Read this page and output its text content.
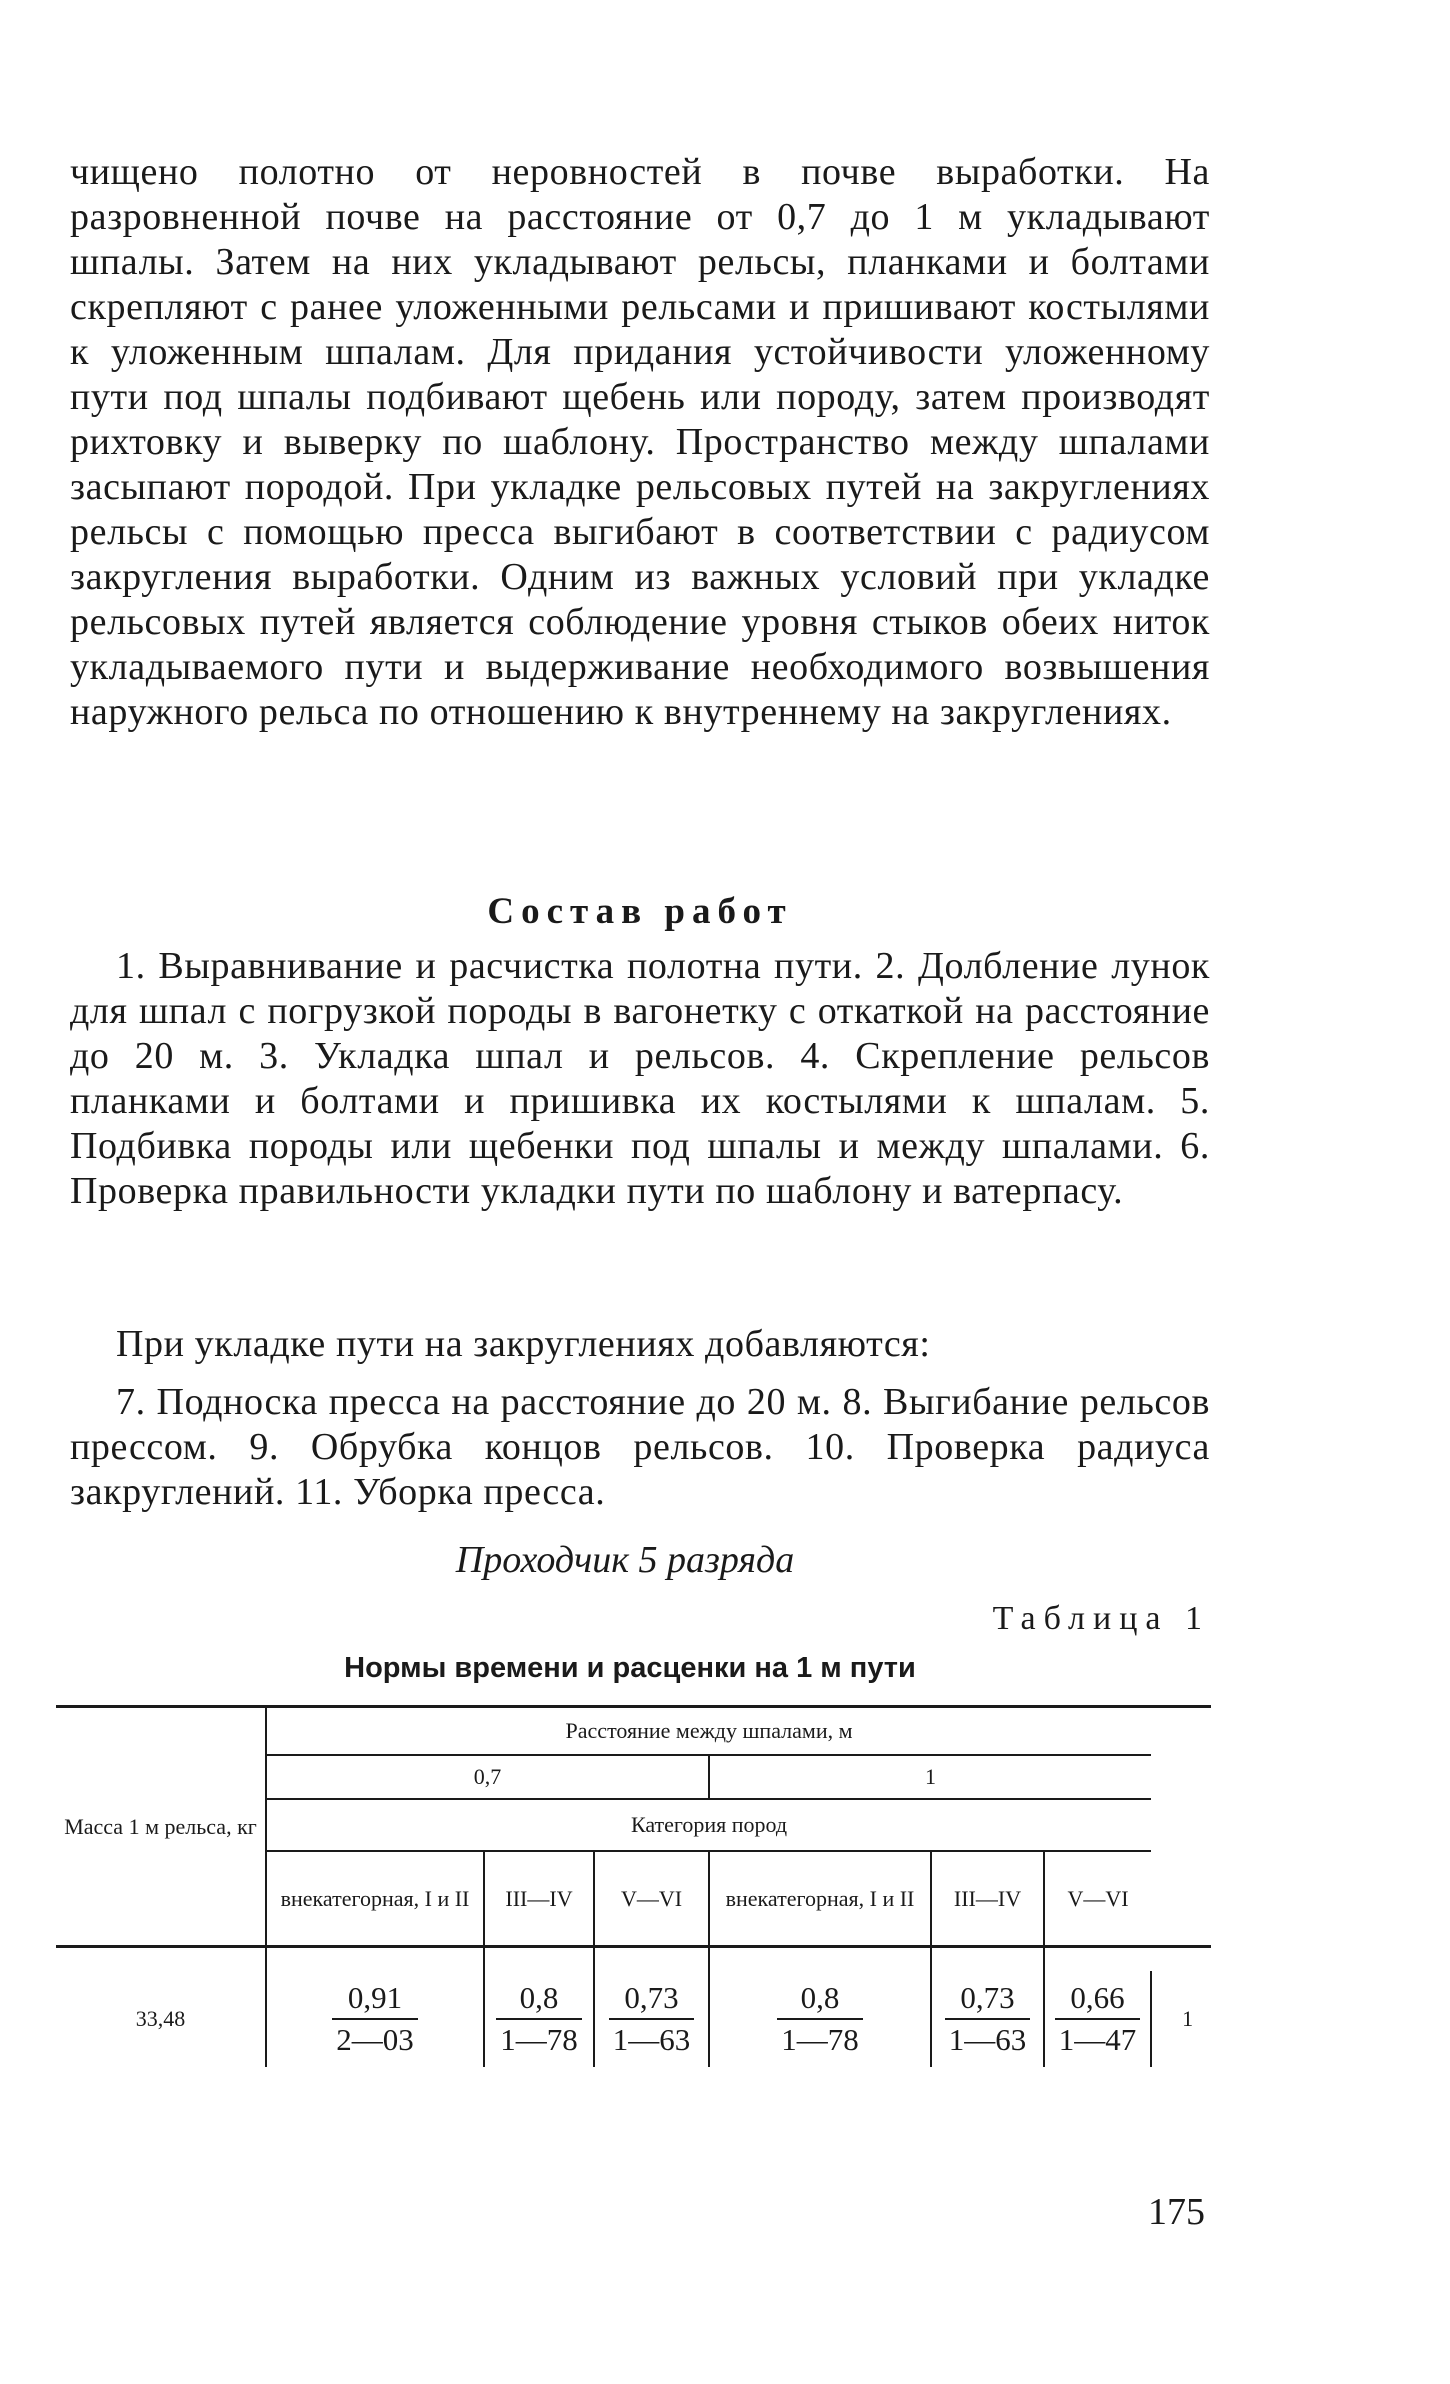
чищено полотно от неровностей в почве выработки. На разровненной почве на расстояние от 0,7 до 1 м укладывают шпалы. Затем на них укладывают рельсы, планками и болтами скрепляют с ранее уложенными рельсами и пришивают костылями к уложенным шпалам. Для придания устойчивости уложенному пути под шпалы подбивают щебень или породу, затем производят рихтовку и выверку по шаблону. Пространство между шпалами засыпают породой. При укладке рельсовых путей на закруглениях рельсы с помощью пресса выгибают в соответствии с радиусом закругления выработки. Одним из важных условий при укладке рельсовых путей является соблюдение уровня стыков обеих ниток укладываемого пути и выдерживание необходимого возвышения наружного рельса по отношению к внутреннему на закруглениях.

Состав работ

1. Выравнивание и расчистка полотна пути. 2. Долбление лунок для шпал с погрузкой породы в вагонетку с откаткой на расстояние до 20 м. 3. Укладка шпал и рельсов. 4. Скрепление рельсов планками и болтами и пришивка их костылями к шпалам. 5. Подбивка породы или щебенки под шпалы и между шпалами. 6. Проверка правильности укладки пути по шаблону и ватерпасу.

При укладке пути на закруглениях добавляются:

7. Подноска пресса на расстояние до 20 м. 8. Выгибание рельсов прессом. 9. Обрубка концов рельсов. 10. Проверка радиуса закруглений. 11. Уборка пресса.

Проходчик 5 разряда
Таблица 1
Нормы времени и расценки на 1 м пути
Масса 1 м рельса, кг	Расстояние между шпалами, м						
	0,7			1			
	Категория пород						
	внекатегорная, I и II	III—IV	V—VI	внекатегорная, I и II	III—IV	V—VI	

33,48	$\frac{0,91}{2—03}$	$\frac{0,8}{1—78}$	$\frac{0,73}{1—63}$	$\frac{0,8}{1—78}$	$\frac{0,73}{1—63}$	$\frac{0,66}{1—47}$	1
175
